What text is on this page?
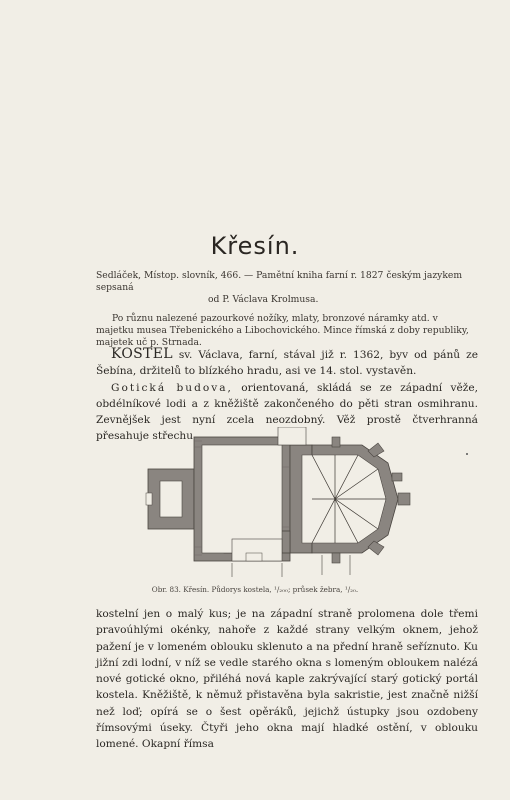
Křesín.

Sedláček, Místop. slovník, 466. — Pamětní kniha farní r. 1827 českým jazykem sepsaná

od P. Václava Krolmusa.

Po různu nalezené pazourkové nožíky, mlaty, bronzové náramky atd. v majetku musea Třebenického a Libochovického. Mince římská z doby republiky, majetek uč p. Strnada.

KOSTEL sv. Václava, farní, stával již r. 1362, byv od pánů ze Šebína, držitelů to blízkého hradu, asi ve 14. stol. vystavěn.

Gotická budova, orientovaná, skládá se ze západní věže, obdélníkové lodi a z kněžiště zakončeného do pěti stran osmihranu. Zevnějšek jest nyní zcela neozdobný. Věž prostě čtverhranná přesahuje střechu

Obr. 83. Křesín. Půdorys kostela, ¹/₂₀₀; průsek žebra, ¹/₂₀.

kostelní jen o malý kus; je na západní straně prolomena dole třemi pravoúhlými okénky, nahoře z každé strany velkým oknem, jehož pažení je v lomeném oblouku sklenuto a na přední hraně seříznuto. Ku jižní zdi lodní, v níž se vedle starého okna s lomeným obloukem nalézá nové gotické okno, přiléhá nová kaple zakrývající starý gotický portál kostela. Kněžiště, k němuž přistavěna byla sakristie, jest značně nižší než loď; opírá se o šest opěráků, jejichž ústupky jsou ozdobeny římsovými úseky. Čtyři jeho okna mají hladké ostění, v oblouku lomené. Okapní římsa
